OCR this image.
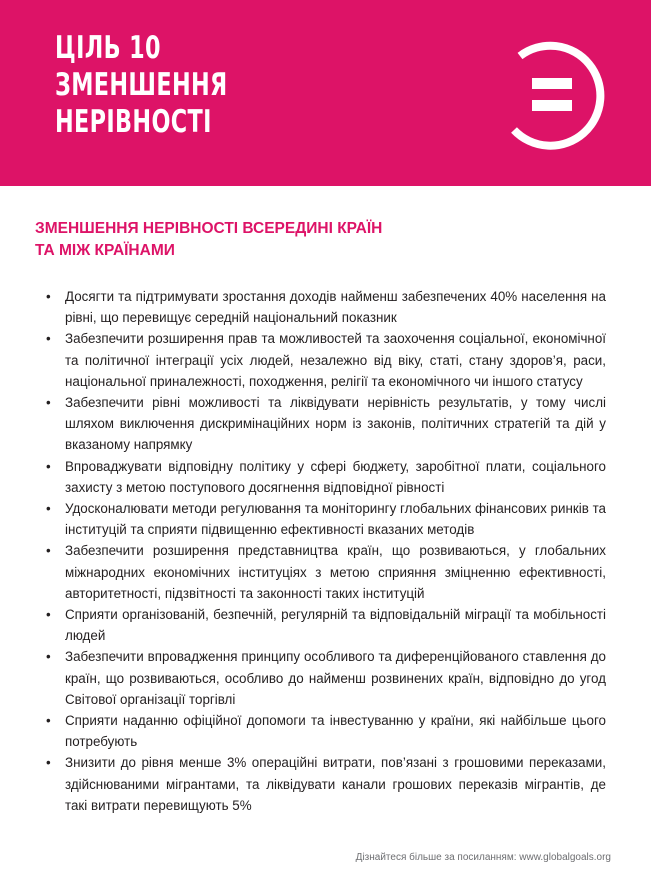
ЦІЛЬ 10
ЗМЕНШЕННЯ
НЕРІВНОСТІ
ЗМЕНШЕННЯ НЕРІВНОСТІ ВСЕРЕДИНІ КРАЇН
ТА МІЖ КРАЇНАМИ
• Досягти та підтримувати зростання доходів найменш забезпечених 40% населення на рівні, що перевищує середній національний показник
• Забезпечити розширення прав та можливостей та заохочення соціальної, економічної та політичної інтеграції усіх людей, незалежно від віку, статі, стану здоров’я, раси, національної приналежності, походження, релігії та економічного чи іншого статусу
• Забезпечити рівні можливості та ліквідувати нерівність результатів, у тому числі шляхом виключення дискримінаційних норм із законів, політичних стратегій та дій у вказаному напрямку
• Впроваджувати відповідну політику у сфері бюджету, заробітної плати, соціального захисту з метою поступового досягнення відповідної рівності
• Удосконалювати методи регулювання та моніторингу глобальних фінансових ринків та інституцій та сприяти підвищенню ефективності вказаних методів
• Забезпечити розширення представництва країн, що розвиваються, у глобальних міжнародних економічних інституціях з метою сприяння зміцненню ефективності, авторитетності, підзвітності та законності таких інституцій
• Сприяти організованій, безпечній, регулярній та відповідальній міграції та мобільності людей
• Забезпечити впровадження принципу особливого та диференційованого ставлення до країн, що розвиваються, особливо до найменш розвинених країн, відповідно до угод Світової організації торгівлі
• Сприяти наданню офіційної допомоги та інвестуванню у країни, які найбільше цього потребують
• Знизити до рівня менше 3% операційні витрати, пов’язані з грошовими переказами, здійснюваними мігрантами, та ліквідувати канали грошових переказів мігрантів, де такі витрати перевищують 5%
Дізнайтеся більше за посиланням: www.globalgoals.org
